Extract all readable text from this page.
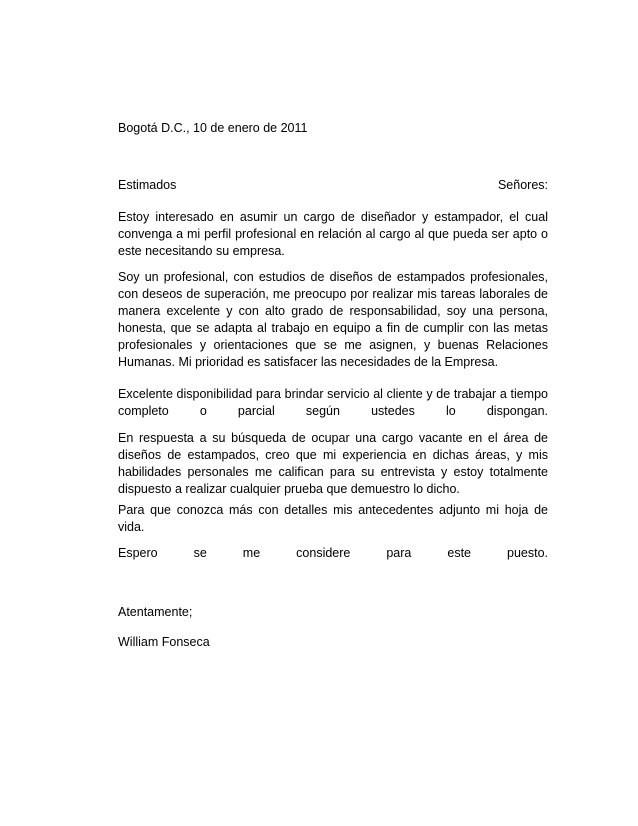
Bogotá D.C., 10 de enero de 2011

Estimados	Señores:

Estoy interesado en asumir un cargo de diseñador y estampador, el cual convenga a mi perfil profesional en relación al cargo al que pueda ser apto o este necesitando su empresa.

Soy un profesional, con estudios de diseños de estampados profesionales, con deseos de superación, me preocupo por realizar mis tareas laborales de manera excelente y con alto grado de responsabilidad, soy una persona, honesta, que se adapta al trabajo en equipo a fin de cumplir con las metas profesionales y orientaciones que se me asignen, y buenas Relaciones Humanas. Mi prioridad es satisfacer las necesidades de la Empresa.

Excelente disponibilidad para brindar servicio al cliente y de trabajar a tiempo completo o parcial según ustedes lo dispongan.

En respuesta a su búsqueda de ocupar una cargo vacante en el área de diseños de estampados, creo que mi experiencia en dichas áreas, y mis habilidades personales me califican para su entrevista y estoy totalmente dispuesto a realizar cualquier prueba que demuestro lo dicho.

Para que conozca más con detalles mis antecedentes adjunto mi hoja de vida.

Espero se me considere para este puesto.

Atentamente;

William Fonseca
